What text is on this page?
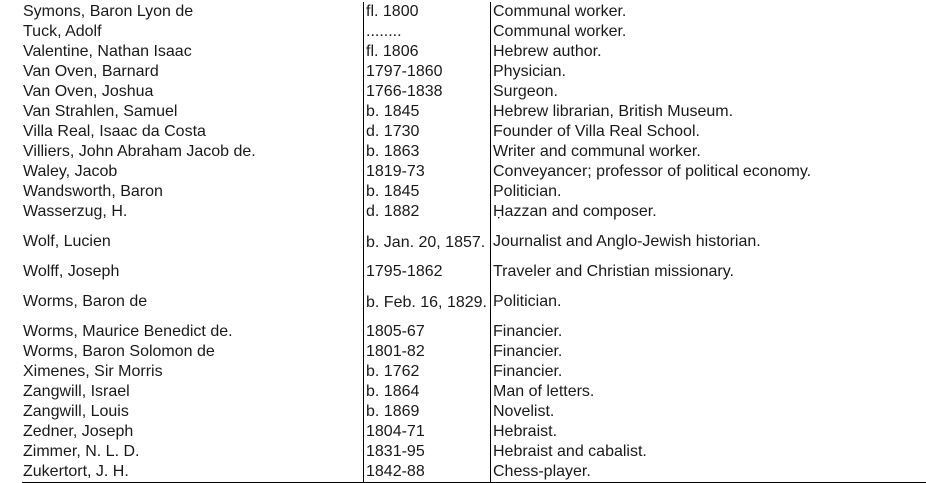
Symons, Baron Lyon de	fl. 1800	Communal worker.
Tuck, Adolf	........	Communal worker.
Valentine, Nathan Isaac	fl. 1806	Hebrew author.
Van Oven, Barnard	1797-1860	Physician.
Van Oven, Joshua	1766-1838	Surgeon.
Van Strahlen, Samuel	b. 1845	Hebrew librarian, British Museum.
Villa Real, Isaac da Costa	d. 1730	Founder of Villa Real School.
Villiers, John Abraham Jacob de.	b. 1863	Writer and communal worker.
Waley, Jacob	1819-73	Conveyancer; professor of political economy.
Wandsworth, Baron	b. 1845	Politician.
Wasserzug, H.	d. 1882	Ḥazzan and composer.
Wolf, Lucien	b. Jan. 20, 1857.	Journalist and Anglo-Jewish historian.
Wolff, Joseph	1795-1862	Traveler and Christian missionary.
Worms, Baron de	b. Feb. 16, 1829.	Politician.
Worms, Maurice Benedict de.	1805-67	Financier.
Worms, Baron Solomon de	1801-82	Financier.
Ximenes, Sir Morris	b. 1762	Financier.
Zangwill, Israel	b. 1864	Man of letters.
Zangwill, Louis	b. 1869	Novelist.
Zedner, Joseph	1804-71	Hebraist.
Zimmer, N. L. D.	1831-95	Hebraist and cabalist.
Zukertort, J. H.	1842-88	Chess-player.
